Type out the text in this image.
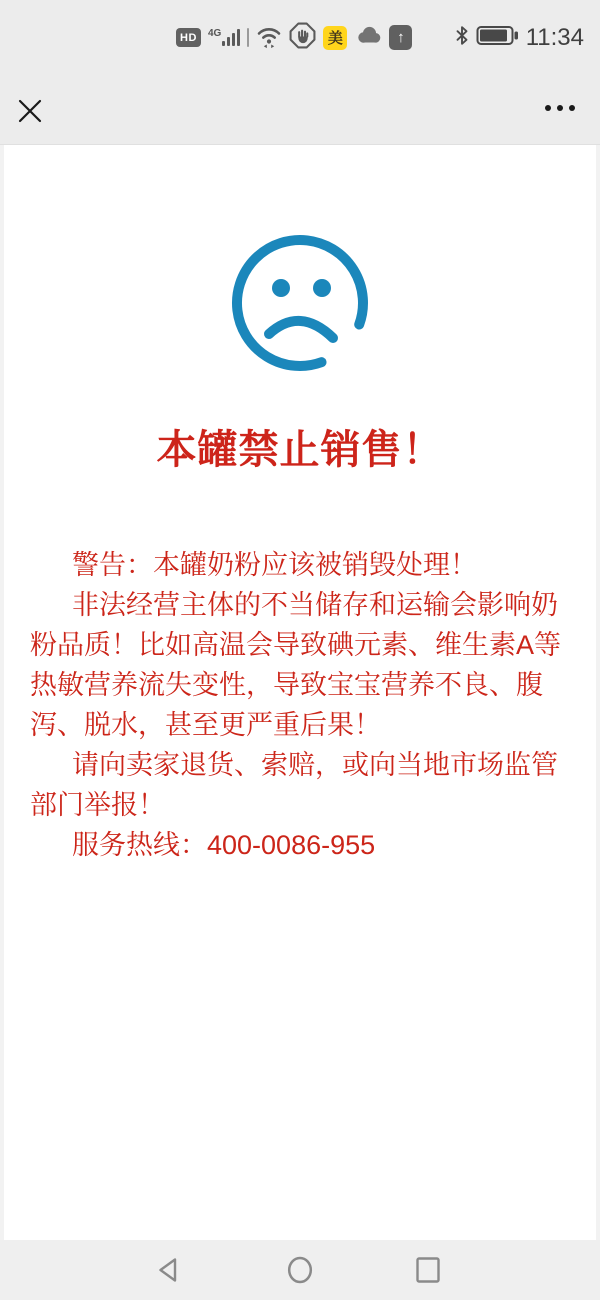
HD	4G	美	↑	11:34
本罐禁止销售！
警告：本罐奶粉应该被销毁处理！
非法经营主体的不当储存和运输会影响奶
粉品质！比如高温会导致碘元素、维生素A等
热敏营养流失变性，导致宝宝营养不良、腹
泻、脱水，甚至更严重后果！
请向卖家退货、索赔，或向当地市场监管
部门举报！
服务热线：400-0086-955
